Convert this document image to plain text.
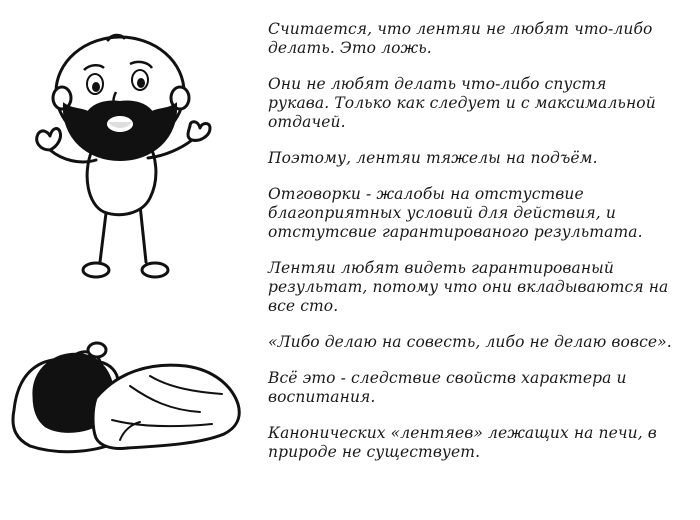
Считается, что лентяи не любят что-либо
делать. Это ложь.

Они не любят делать что-либо спустя
рукава. Только как следует и с максимальной
отдачей.

Поэтому, лентяи тяжелы на подъём.

Отговорки - жалобы на отстуствие
благоприятных условий для действия, и
отстутсвие гарантированого результата.

Лентяи любят видеть гарантированый
результат, потому что они вкладываются на
все сто.

«Либо делаю на совесть, либо не делаю вовсе».

Всё это - следствие свойств характера и
воспитания.

Канонических «лентяев» лежащих на печи, в
природе не существует.
